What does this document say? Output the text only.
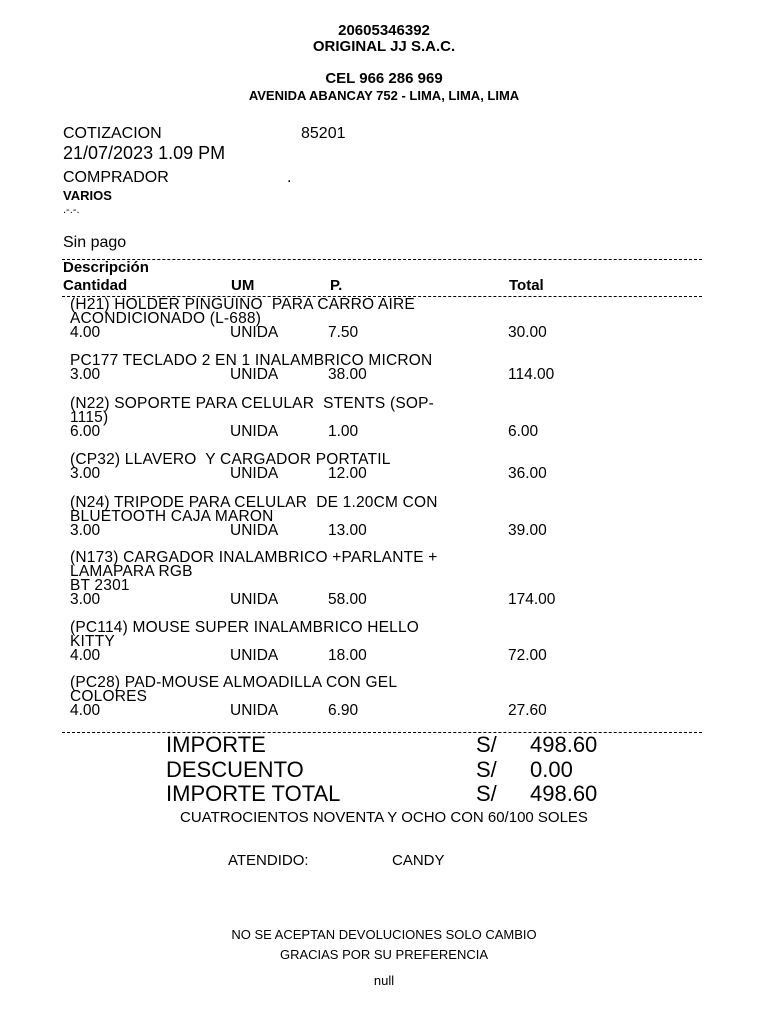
20605346392
ORIGINAL JJ S.A.C.
CEL 966 286 969
AVENIDA ABANCAY 752 - LIMA, LIMA, LIMA
COTIZACION	85201
21/07/2023 1.09 PM
COMPRADOR	.
VARIOS
.-.-.
Sin pago
Descripción
Cantidad	UM	P.	Total
(H21) HOLDER PINGUINO  PARA CARRO AIRE
ACONDICIONADO (L-688)
4.00	UNIDA	7.50	30.00
PC177 TECLADO 2 EN 1 INALAMBRICO MICRON
3.00	UNIDA	38.00	114.00
(N22) SOPORTE PARA CELULAR  STENTS (SOP-
1115)
6.00	UNIDA	1.00	6.00
(CP32) LLAVERO  Y CARGADOR PORTATIL
3.00	UNIDA	12.00	36.00
(N24) TRIPODE PARA CELULAR  DE 1.20CM CON
BLUETOOTH CAJA MARON
3.00	UNIDA	13.00	39.00
(N173) CARGADOR INALAMBRICO +PARLANTE +
LAMAPARA RGB
BT 2301
3.00	UNIDA	58.00	174.00
(PC114) MOUSE SUPER INALAMBRICO HELLO
KITTY
4.00	UNIDA	18.00	72.00
(PC28) PAD-MOUSE ALMOADILLA CON GEL
COLORES
4.00	UNIDA	6.90	27.60
IMPORTE	S/ 498.60
DESCUENTO	S/ 0.00
IMPORTE TOTAL	S/ 498.60
CUATROCIENTOS NOVENTA Y OCHO CON 60/100 SOLES
ATENDIDO:	CANDY
NO SE ACEPTAN DEVOLUCIONES SOLO CAMBIO
GRACIAS POR SU PREFERENCIA
null
